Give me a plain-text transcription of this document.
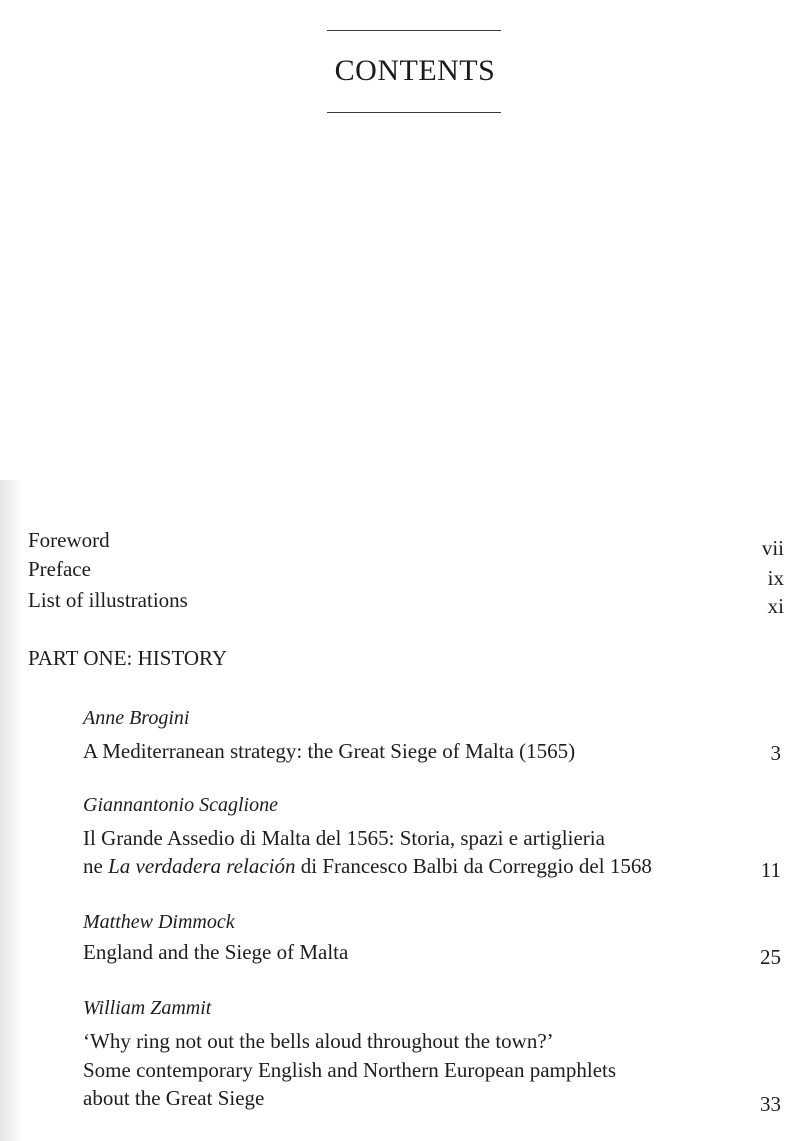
CONTENTS
Foreword	vii
Preface	ix
List of illustrations	xi
PART ONE: HISTORY
Anne Brogini
A Mediterranean strategy: the Great Siege of Malta (1565)	3
Giannantonio Scaglione
Il Grande Assedio di Malta del 1565: Storia, spazi e artiglieria
ne La verdadera relación di Francesco Balbi da Correggio del 1568	11
Matthew Dimmock
England and the Siege of Malta	25
William Zammit
‘Why ring not out the bells aloud throughout the town?’
Some contemporary English and Northern European pamphlets
about the Great Siege	33
